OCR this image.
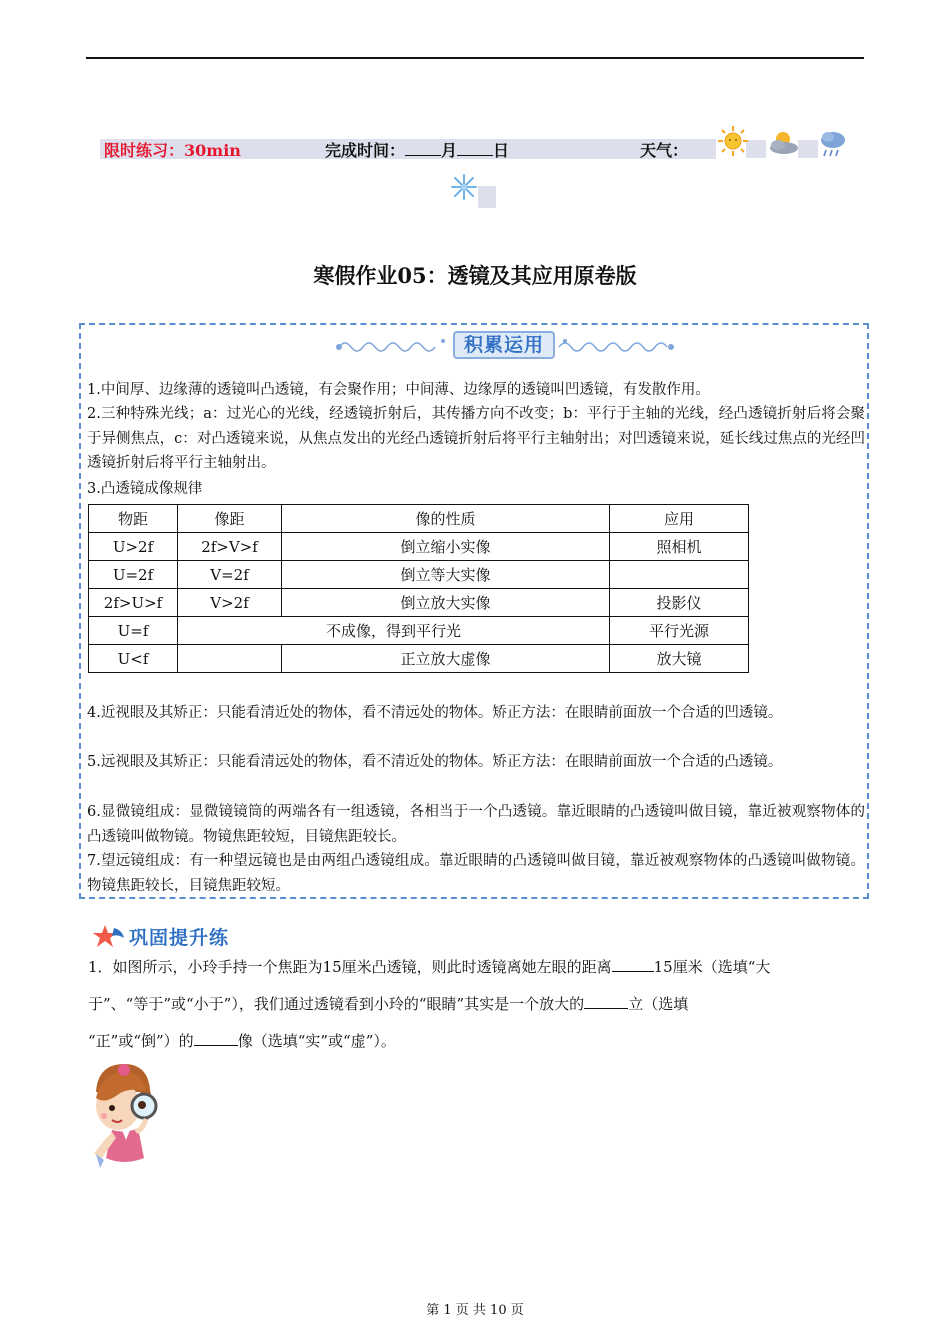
限时练习：30min	完成时间： 月 日	天气：
寒假作业05：透镜及其应用原卷版
积累运用
1.中间厚、边缘薄的透镜叫凸透镜，有会聚作用；中间薄、边缘厚的透镜叫凹透镜，有发散作用。
2.三种特殊光线；a：过光心的光线，经透镜折射后，其传播方向不改变；b：平行于主轴的光线，经凸透镜折射后将会聚于异侧焦点，c：对凸透镜来说，从焦点发出的光经凸透镜折射后将平行主轴射出；对凹透镜来说，延长线过焦点的光经凹透镜折射后将平行主轴射出。
3.凸透镜成像规律
物距	像距	像的性质	应用
U>2f	2f>V>f	倒立缩小实像	照相机
U=2f	V=2f	倒立等大实像	
2f>U>f	V>2f	倒立放大实像	投影仪
U=f	不成像，得到平行光		平行光源
U<f		正立放大虚像	放大镜
4.近视眼及其矫正：只能看清近处的物体，看不清远处的物体。矫正方法：在眼睛前面放一个合适的凹透镜。
5.远视眼及其矫正：只能看清远处的物体，看不清近处的物体。矫正方法：在眼睛前面放一个合适的凸透镜。
6.显微镜组成：显微镜镜筒的两端各有一组透镜，各相当于一个凸透镜。靠近眼睛的凸透镜叫做目镜，靠近被观察物体的凸透镜叫做物镜。物镜焦距较短，目镜焦距较长。
7.望远镜组成：有一种望远镜也是由两组凸透镜组成。靠近眼睛的凸透镜叫做目镜，靠近被观察物体的凸透镜叫做物镜。物镜焦距较长，目镜焦距较短。
巩固提升练
1．如图所示，小玲手持一个焦距为15厘米凸透镜，则此时透镜离她左眼的距离	15厘米（选填“大
于”、“等于”或“小于”），我们通过透镜看到小玲的“眼睛”其实是一个放大的	立（选填
“正”或“倒”）的	像（选填“实”或“虚”）。
第 1 页 共 10 页
